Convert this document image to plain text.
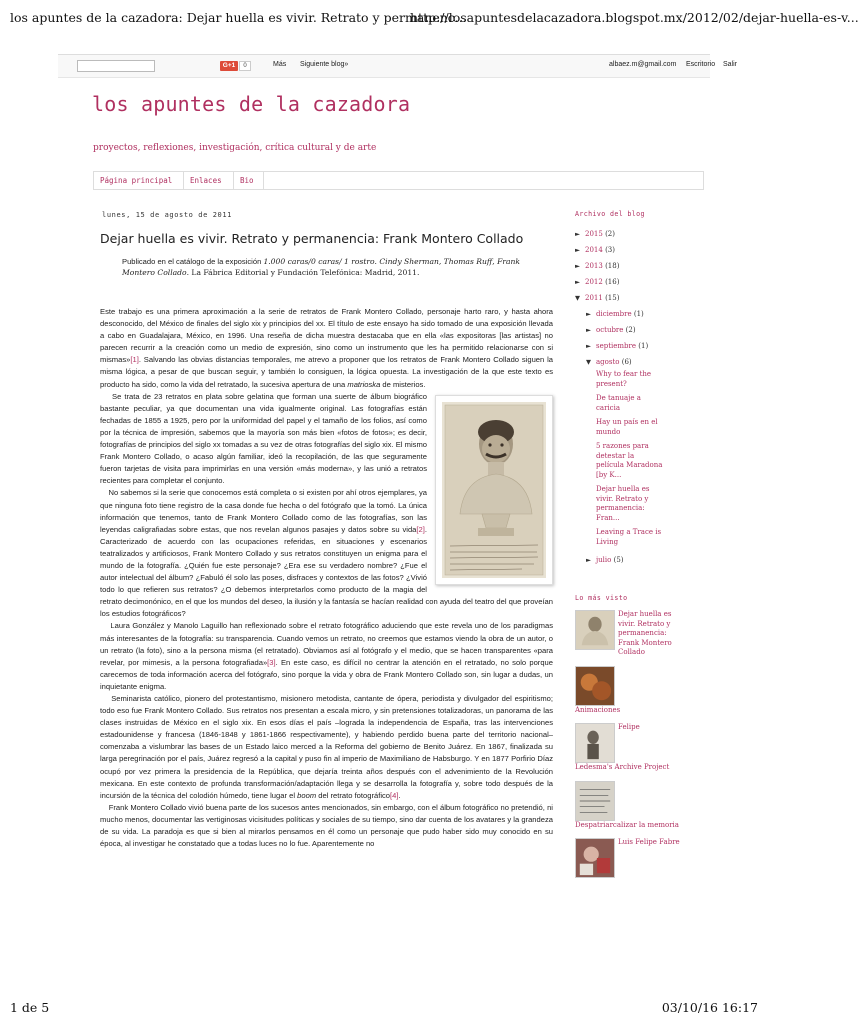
los apuntes de la cazadora: Dejar huella es vivir. Retrato y permanenc...
http://losapuntesdelacazadora.blogspot.mx/2012/02/dejar-huella-es-v...
G+1	0	Más Siguiente blog»	albaez.m@gmail.com Escritorio Salir
los apuntes de la cazadora
proyectos, reflexiones, investigación, crítica cultural y de arte
Página principal	Enlaces	Bio
lunes, 15 de agosto de 2011
Dejar huella es vivir. Retrato y permanencia: Frank Montero Collado
Publicado en el catálogo de la exposición 1.000 caras/0 caras/ 1 rostro. Cindy Sherman, Thomas Ruff, Frank Montero Collado. La Fábrica Editorial y Fundación Telefónica: Madrid, 2011.

Este trabajo es una primera aproximación a la serie de retratos de Frank Montero Collado, personaje harto raro, y hasta ahora desconocido, del México de finales del siglo xix y principios del xx. El título de este ensayo ha sido tomado de una exposición llevada a cabo en Guadalajara, México, en 1996. Una reseña de dicha muestra destacaba que en ella «las expositoras [las artistas] no parecen recurrir a la creación como un medio de expresión, sino como un instrumento que les ha permitido relacionarse con si mismas»[1]. Salvando las obvias distancias temporales, me atrevo a proponer que los retratos de Frank Montero Collado siguen la misma lógica, a pesar de que buscan seguir, y también lo consiguen, la lógica opuesta. La investigación de la que este texto es producto ha sido, como la vida del retratado, la sucesiva apertura de una matrioska de misterios.

Se trata de 23 retratos en plata sobre gelatina que forman una suerte de álbum biográfico bastante peculiar, ya que documentan una vida igualmente original. Las fotografías están fechadas de 1855 a 1925, pero por la uniformidad del papel y el tamaño de los folios, así como por la técnica de impresión, sabemos que la mayoría son más bien «fotos de fotos»; es decir, fotografías de principios del siglo xx tomadas a su vez de otras fotografías del siglo xix. El mismo Frank Montero Collado, o acaso algún familiar, ideó la recopilación, de las que seguramente fueron tarjetas de visita para imprimirlas en una versión «más moderna», y las unió a retratos recientes para completar el conjunto.

No sabemos si la serie que conocemos está completa o si existen por ahí otros ejemplares, ya que ninguna foto tiene registro de la casa donde fue hecha o del fotógrafo que la tomó. La única información que tenemos, tanto de Frank Montero Collado como de las fotografías, son las leyendas caligrafiadas sobre estas, que nos revelan algunos pasajes y datos sobre su vida[2]. Caracterizado de acuerdo con las ocupaciones referidas, en situaciones y escenarios teatralizados y artificiosos, Frank Montero Collado y sus retratos constituyen un enigma para el mundo de la fotografía. ¿Quién fue este personaje? ¿Era ese su verdadero nombre? ¿Fue el autor intelectual del álbum? ¿Fabuló él solo las poses, disfraces y contextos de las fotos? ¿Vivió todo lo que refieren sus retratos? ¿O debemos interpretarlos como producto de la magia del retrato decimonónico, en el que los mundos del deseo, la ilusión y la fantasía se hacían realidad con ayuda del teatro del que proveían los estudios fotográficos?

Laura González y Manolo Laguillo han reflexionado sobre el retrato fotográfico aduciendo que este revela uno de los paradigmas más interesantes de la fotografía: su transparencia. Cuando vemos un retrato, no creemos que estamos viendo la obra de un autor, o un retrato (la foto), sino a la persona misma (el retratado). Obviamos así al fotógrafo y el medio, que se hacen transparentes «para revelar, por mimesis, a la persona fotografiada»[3]. En este caso, es difícil no centrar la atención en el retratado, no solo porque carecemos de toda información acerca del fotógrafo, sino porque la vida y obra de Frank Montero Collado son, sin lugar a dudas, un inquietante enigma.

Seminarista católico, pionero del protestantismo, misionero metodista, cantante de ópera, periodista y divulgador del espiritismo; todo eso fue Frank Montero Collado. Sus retratos nos presentan a escala micro, y sin pretensiones totalizadoras, un panorama de las clases instruidas de México en el siglo xix. En esos días el país –lograda la independencia de España, tras las intervenciones estadounidense y francesa (1846-1848 y 1861-1866 respectivamente), y habiendo perdido buena parte del territorio nacional– comenzaba a vislumbrar las bases de un Estado laico merced a la Reforma del gobierno de Benito Juárez. En 1867, finalizada su larga peregrinación por el país, Juárez regresó a la capital y puso fin al imperio de Maximiliano de Habsburgo. Y en 1877 Porfirio Díaz ocupó por vez primera la presidencia de la República, que dejaría treinta años después con el advenimiento de la Revolución mexicana. En este contexto de profunda transformación/adaptación llega y se desarrolla la fotografía y, sobre todo después de la incursión de la técnica del colodión húmedo, tiene lugar el boom del retrato fotográfico[4].

Frank Montero Collado vivió buena parte de los sucesos antes mencionados, sin embargo, con el álbum fotográfico no pretendió, ni mucho menos, documentar las vertiginosas vicisitudes políticas y sociales de su tiempo, sino dar cuenta de los avatares y la grandeza de su vida. La paradoja es que si bien al mirarlos pensamos en él como un personaje que pudo haber sido muy conocido en su época, al investigar he constatado que a todas luces no lo fue. Aparentemente no

Archivo del blog
► 2015 (2)
► 2014 (3)
► 2013 (18)
► 2012 (16)
▼ 2011 (15)
► diciembre (1)
► octubre (2)
► septiembre (1)
▼ agosto (6)
Why to fear the present?
De tanuaje a caricia
Hay un país en el mundo
5 razones para detestar la película Maradona [by K...
Dejar huella es vivir. Retrato y permanencia: Fran...
Leaving a Trace is Living
► julio (5)
Lo más visto
Dejar huella es vivir. Retrato y permanencia: Frank Montero Collado
Animaciones
Felipe
Ledesma's Archive Project
Despatriarcalizar la memoria
Luis Felipe Fabre
1 de 5	03/10/16 16:17
